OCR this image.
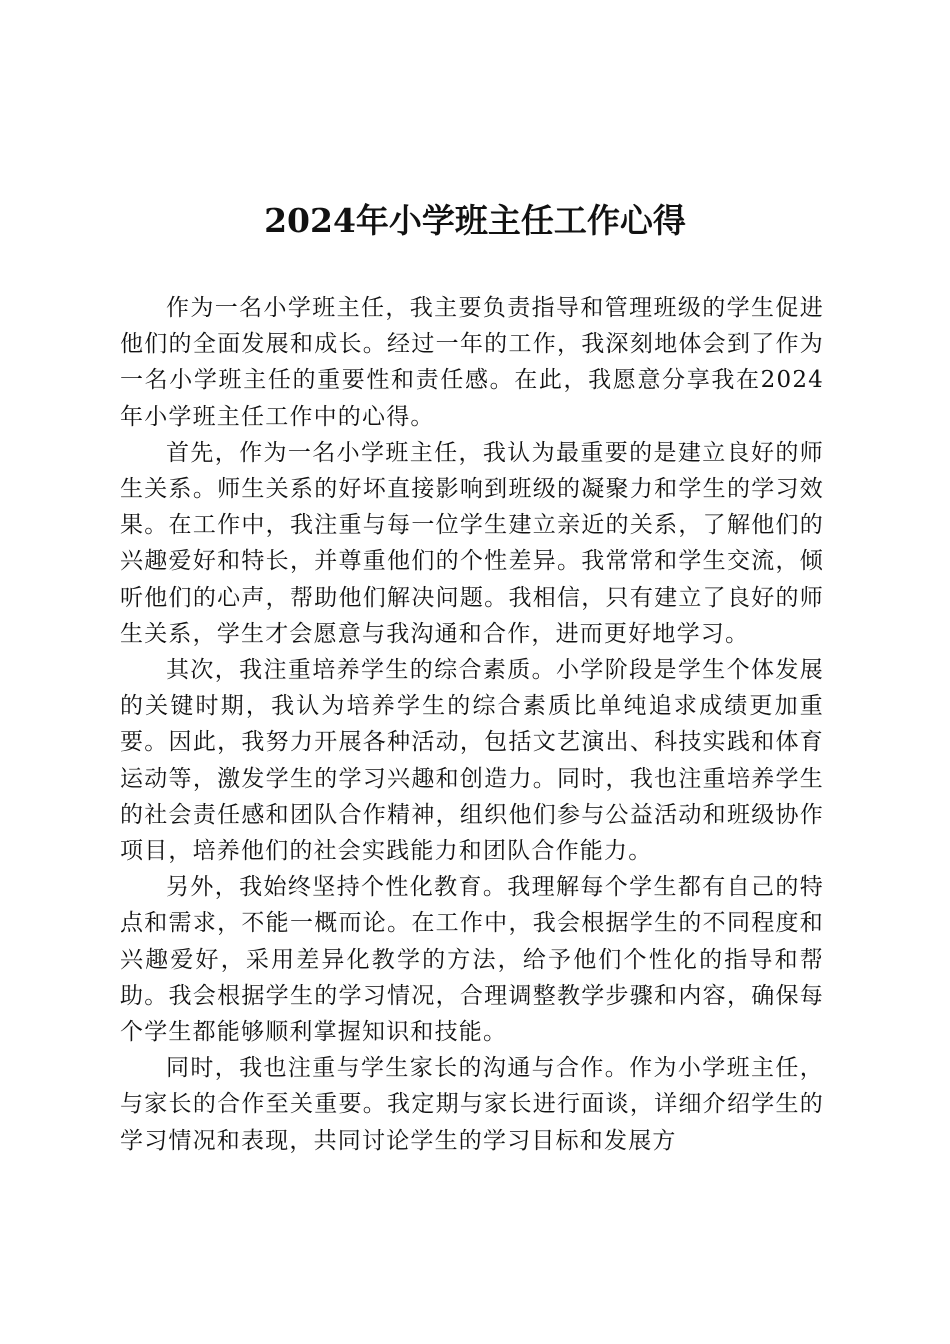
2024年小学班主任工作心得

作为一名小学班主任，我主要负责指导和管理班级的学生促进他们的全面发展和成长。经过一年的工作，我深刻地体会到了作为一名小学班主任的重要性和责任感。在此，我愿意分享我在2024年小学班主任工作中的心得。

首先，作为一名小学班主任，我认为最重要的是建立良好的师生关系。师生关系的好坏直接影响到班级的凝聚力和学生的学习效果。在工作中，我注重与每一位学生建立亲近的关系，了解他们的兴趣爱好和特长，并尊重他们的个性差异。我常常和学生交流，倾听他们的心声，帮助他们解决问题。我相信，只有建立了良好的师生关系，学生才会愿意与我沟通和合作，进而更好地学习。

其次，我注重培养学生的综合素质。小学阶段是学生个体发展的关键时期，我认为培养学生的综合素质比单纯追求成绩更加重要。因此，我努力开展各种活动，包括文艺演出、科技实践和体育运动等，激发学生的学习兴趣和创造力。同时，我也注重培养学生的社会责任感和团队合作精神，组织他们参与公益活动和班级协作项目，培养他们的社会实践能力和团队合作能力。

另外，我始终坚持个性化教育。我理解每个学生都有自己的特点和需求，不能一概而论。在工作中，我会根据学生的不同程度和兴趣爱好，采用差异化教学的方法，给予他们个性化的指导和帮助。我会根据学生的学习情况，合理调整教学步骤和内容，确保每个学生都能够顺利掌握知识和技能。

同时，我也注重与学生家长的沟通与合作。作为小学班主任，与家长的合作至关重要。我定期与家长进行面谈，详细介绍学生的学习情况和表现，共同讨论学生的学习目标和发展方
